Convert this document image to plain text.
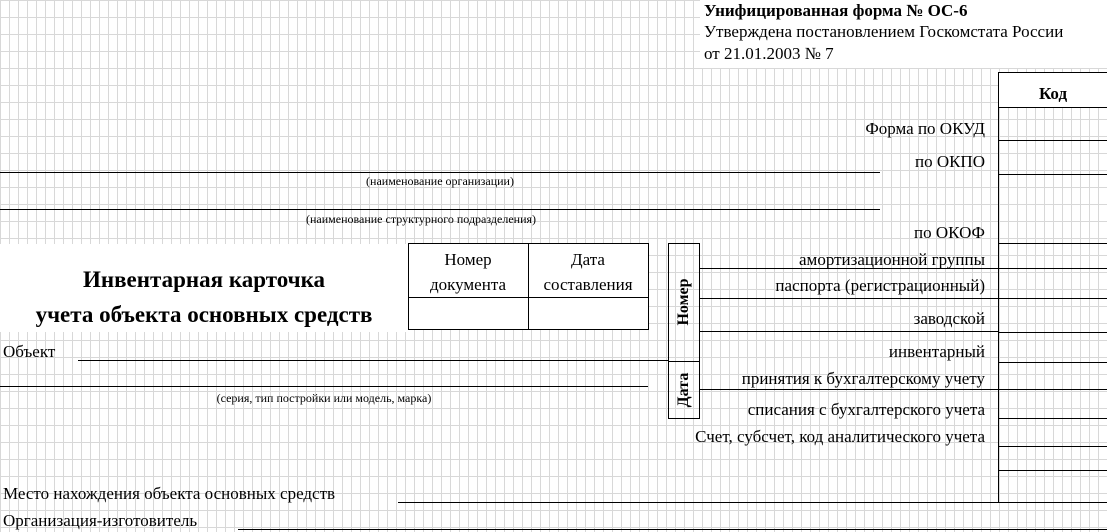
Унифицированная форма № ОС-6
Утверждена постановлением Госкомстата России
от 21.01.2003 № 7
Код
Форма по ОКУД
по ОКПО
по ОКОФ
(наименование организации)
(наименование структурного подразделения)
Инвентарная карточка
учета объекта основных средств
Номер
документа
Дата
составления	Номер
Дата
амортизационной группы
паспорта (регистрационный)
заводской
инвентарный
принятия к бухгалтерскому учету
списания с бухгалтерского учета
Объект
(серия, тип постройки или модель, марка)
Счет, субсчет, код аналитического учета
Место нахождения объекта основных средств
Организация-изготовитель
